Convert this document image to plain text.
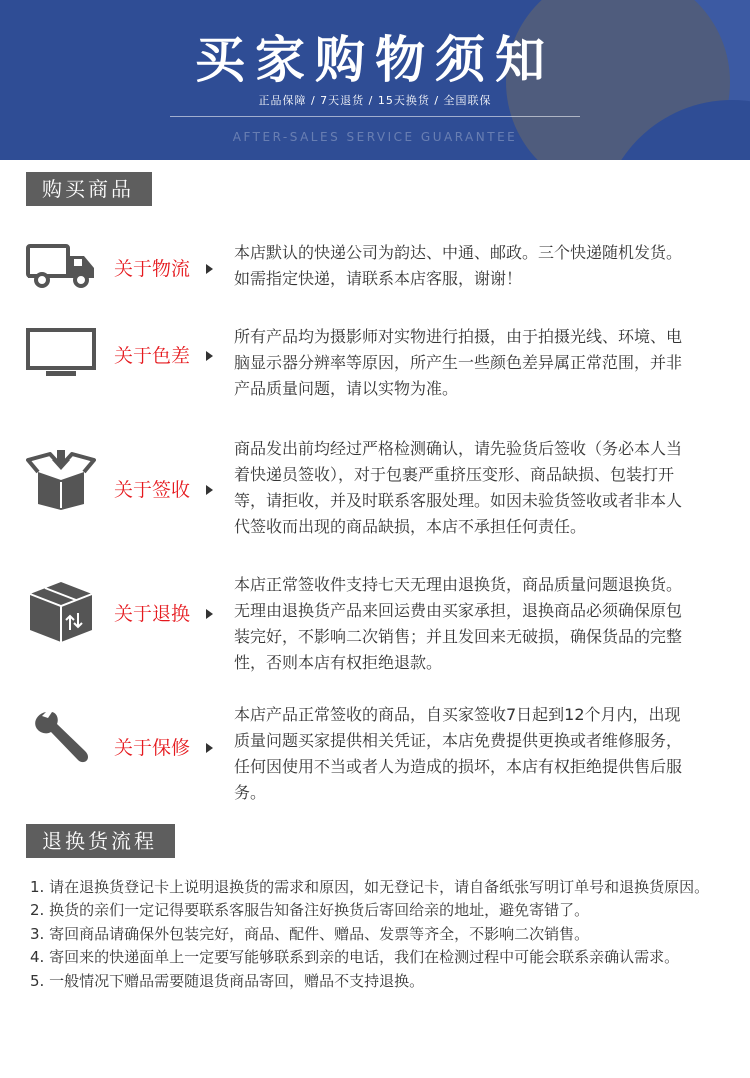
买家购物须知
正品保障 / 7天退货 / 15天换货 / 全国联保
AFTER-SALES SERVICE GUARANTEE
购买商品
关于物流
本店默认的快递公司为韵达、中通、邮政。三个快递随机发货。如需指定快递，请联系本店客服，谢谢！
关于色差
所有产品均为摄影师对实物进行拍摄，由于拍摄光线、环境、电脑显示器分辨率等原因，所产生一些颜色差异属正常范围，并非产品质量问题，请以实物为准。
关于签收
商品发出前均经过严格检测确认，请先验货后签收（务必本人当着快递员签收），对于包裹严重挤压变形、商品缺损、包装打开等，请拒收，并及时联系客服处理。如因未验货签收或者非本人代签收而出现的商品缺损，本店不承担任何责任。
关于退换
本店正常签收件支持七天无理由退换货，商品质量问题退换货。无理由退换货产品来回运费由买家承担，退换商品必须确保原包装完好，不影响二次销售；并且发回来无破损，确保货品的完整性，否则本店有权拒绝退款。
关于保修
本店产品正常签收的商品，自买家签收7日起到12个月内，出现质量问题买家提供相关凭证，本店免费提供更换或者维修服务，任何因使用不当或者人为造成的损坏，本店有权拒绝提供售后服务。
退换货流程
1. 请在退换货登记卡上说明退换货的需求和原因，如无登记卡，请自备纸张写明订单号和退换货原因。
2. 换货的亲们一定记得要联系客服告知备注好换货后寄回给亲的地址，避免寄错了。
3. 寄回商品请确保外包装完好，商品、配件、赠品、发票等齐全，不影响二次销售。
4. 寄回来的快递面单上一定要写能够联系到亲的电话，我们在检测过程中可能会联系亲确认需求。
5. 一般情况下赠品需要随退货商品寄回，赠品不支持退换。
